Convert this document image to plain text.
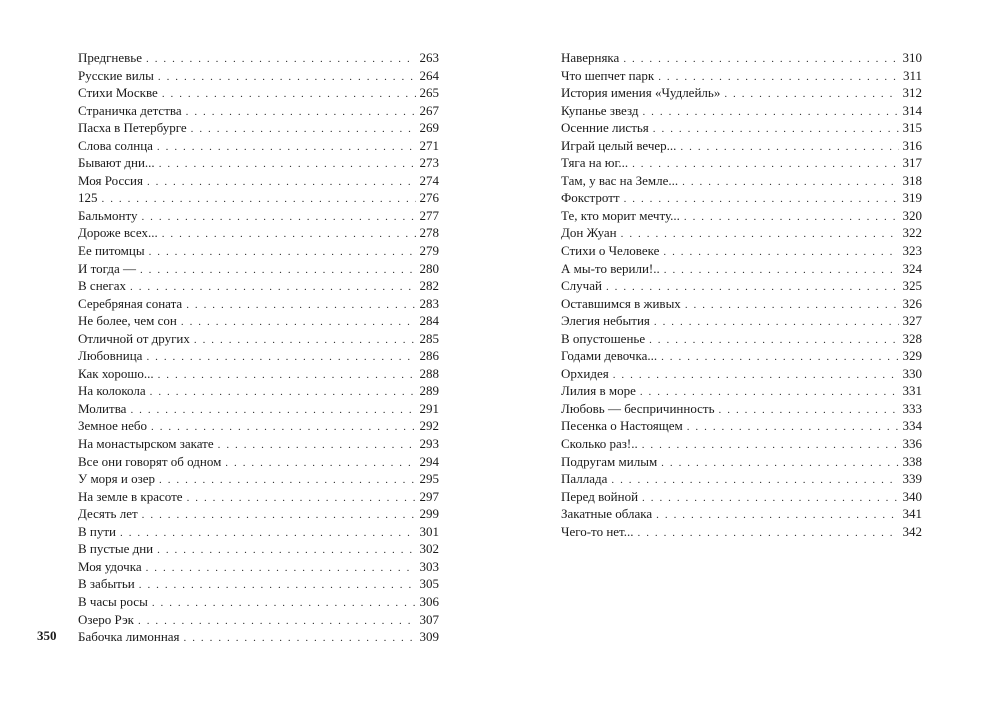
Предгневье . . .	263
Русские вилы . . .	264
Стихи Москве . . .	265
Страничка детства . . .	267
Пасха в Петербурге . . .	269
Слова солнца . . .	271
Бывают дни... . . .	273
Моя Россия . . .	274
125 . . .	276
Бальмонту . . .	277
Дороже всех... . . .	278
Ее питомцы . . .	279
И тогда — . . .	280
В снегах . . .	282
Серебряная соната . . .	283
Не более, чем сон . . .	284
Отличной от других . . .	285
Любовница . . .	286
Как хорошо... . . .	288
На колокола . . .	289
Молитва . . .	291
Земное небо . . .	292
На монастырском закате . . .	293
Все они говорят об одном . . .	294
У моря и озер . . .	295
На земле в красоте . . .	297
Десять лет . . .	299
В пути . . .	301
В пустые дни . . .	302
Моя удочка . . .	303
В забытьи . . .	305
В часы росы . . .	306
Озеро Рэк . . .	307
Бабочка лимонная . . .	309
Наверняка . . .	310
Что шепчет парк . . .	311
История имения «Чудлейль» . . .	312
Купанье звезд . . .	314
Осенние листья . . .	315
Играй целый вечер... . . .	316
Тяга на юг... . . .	317
Там, у вас на Земле... . . .	318
Фокстротт . . .	319
Те, кто морит мечту... . . .	320
Дон Жуан . . .	322
Стихи о Человеке . . .	323
А мы-то верили!.. . . .	324
Случай . . .	325
Оставшимся в живых . . .	326
Элегия небытия . . .	327
В опустошенье . . .	328
Годами девочка... . . .	329
Орхидея . . .	330
Лилия в море . . .	331
Любовь — беспричинность . . .	333
Песенка о Настоящем . . .	334
Сколько раз!.. . . .	336
Подругам милым . . .	338
Паллада . . .	339
Перед войной . . .	340
Закатные облака . . .	341
Чего-то нет... . . .	342
350
